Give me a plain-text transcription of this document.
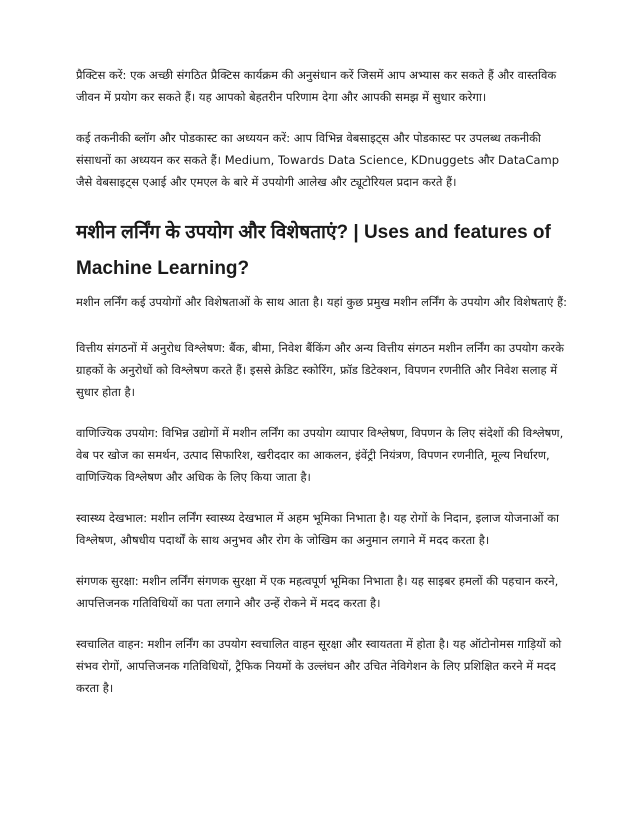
प्रैक्टिस करें: एक अच्छी संगठित प्रैक्टिस कार्यक्रम की अनुसंधान करें जिसमें आप अभ्यास कर सकते हैं और वास्तविक जीवन में प्रयोग कर सकते हैं। यह आपको बेहतरीन परिणाम देगा और आपकी समझ में सुधार करेगा।

कई तकनीकी ब्लॉग और पोडकास्ट का अध्ययन करें: आप विभिन्न वेबसाइट्स और पोडकास्ट पर उपलब्ध तकनीकी संसाधनों का अध्ययन कर सकते हैं। Medium, Towards Data Science, KDnuggets और DataCamp जैसे वेबसाइट्स एआई और एमएल के बारे में उपयोगी आलेख और ट्यूटोरियल प्रदान करते हैं।

मशीन लर्निंग के उपयोग और विशेषताएं? | Uses and features of Machine Learning?

मशीन लर्निंग कई उपयोगों और विशेषताओं के साथ आता है। यहां कुछ प्रमुख मशीन लर्निंग के उपयोग और विशेषताएं हैं:

वित्तीय संगठनों में अनुरोध विश्लेषण: बैंक, बीमा, निवेश बैंकिंग और अन्य वित्तीय संगठन मशीन लर्निंग का उपयोग करके ग्राहकों के अनुरोधों को विश्लेषण करते हैं। इससे क्रेडिट स्कोरिंग, फ्रॉड डिटेक्शन, विपणन रणनीति और निवेश सलाह में सुधार होता है।

वाणिज्यिक उपयोग: विभिन्न उद्योगों में मशीन लर्निंग का उपयोग व्यापार विश्लेषण, विपणन के लिए संदेशों की विश्लेषण, वेब पर खोज का समर्थन, उत्पाद सिफारिश, खरीददार का आकलन, इंवेंट्री नियंत्रण, विपणन रणनीति, मूल्य निर्धारण, वाणिज्यिक विश्लेषण और अधिक के लिए किया जाता है।

स्वास्थ्य देखभाल: मशीन लर्निंग स्वास्थ्य देखभाल में अहम भूमिका निभाता है। यह रोगों के निदान, इलाज योजनाओं का विश्लेषण, औषधीय पदार्थों के साथ अनुभव और रोग के जोखिम का अनुमान लगाने में मदद करता है।

संगणक सुरक्षा: मशीन लर्निंग संगणक सुरक्षा में एक महत्वपूर्ण भूमिका निभाता है। यह साइबर हमलों की पहचान करने, आपत्तिजनक गतिविधियों का पता लगाने और उन्हें रोकने में मदद करता है।

स्वचालित वाहन: मशीन लर्निंग का उपयोग स्वचालित वाहन सूरक्षा और स्वायतता में होता है। यह ऑटोनोमस गाड़ियों को संभव रोगों, आपत्तिजनक गतिविधियों, ट्रैफिक नियमों के उल्लंघन और उचित नेविगेशन के लिए प्रशिक्षित करने में मदद करता है।
